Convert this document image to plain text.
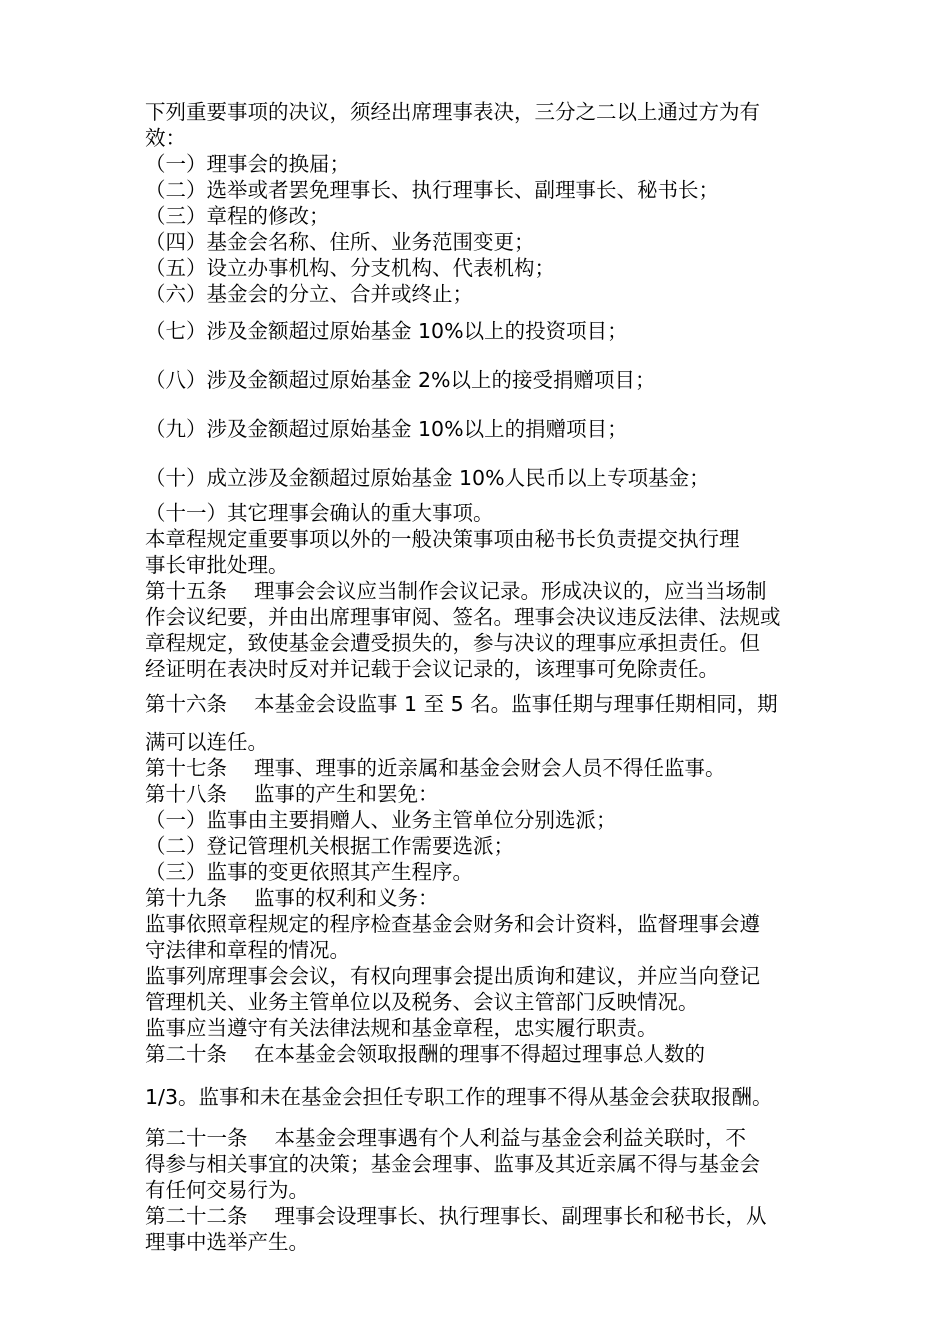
下列重要事项的决议，须经出席理事表决，三分之二以上通过方为有
效：
（一）理事会的换届；
（二）选举或者罢免理事长、执行理事长、副理事长、秘书长；
（三）章程的修改；
（四）基金会名称、住所、业务范围变更；
（五）设立办事机构、分支机构、代表机构；
（六）基金会的分立、合并或终止；
（七）涉及金额超过原始基金 10%以上的投资项目；
（八）涉及金额超过原始基金 2%以上的接受捐赠项目；
（九）涉及金额超过原始基金 10%以上的捐赠项目；
（十）成立涉及金额超过原始基金 10%人民币以上专项基金；
（十一）其它理事会确认的重大事项。
本章程规定重要事项以外的一般决策事项由秘书长负责提交执行理
事长审批处理。
第十五条　 理事会会议应当制作会议记录。形成决议的，应当当场制
作会议纪要，并由出席理事审阅、签名。理事会决议违反法律、法规或
章程规定，致使基金会遭受损失的，参与决议的理事应承担责任。但
经证明在表决时反对并记载于会议记录的，该理事可免除责任。
第十六条　 本基金会设监事 1 至 5 名。监事任期与理事任期相同，期
满可以连任。
第十七条　 理事、理事的近亲属和基金会财会人员不得任监事。
第十八条　 监事的产生和罢免：
（一）监事由主要捐赠人、业务主管单位分别选派；
（二）登记管理机关根据工作需要选派；
（三）监事的变更依照其产生程序。
第十九条　 监事的权利和义务：
监事依照章程规定的程序检查基金会财务和会计资料，监督理事会遵
守法律和章程的情况。
监事列席理事会会议，有权向理事会提出质询和建议，并应当向登记
管理机关、业务主管单位以及税务、会议主管部门反映情况。
监事应当遵守有关法律法规和基金章程，忠实履行职责。
第二十条　 在本基金会领取报酬的理事不得超过理事总人数的
1/3。监事和未在基金会担任专职工作的理事不得从基金会获取报酬。
第二十一条　 本基金会理事遇有个人利益与基金会利益关联时，不
得参与相关事宜的决策；基金会理事、监事及其近亲属不得与基金会
有任何交易行为。
第二十二条　 理事会设理事长、执行理事长、副理事长和秘书长，从
理事中选举产生。
